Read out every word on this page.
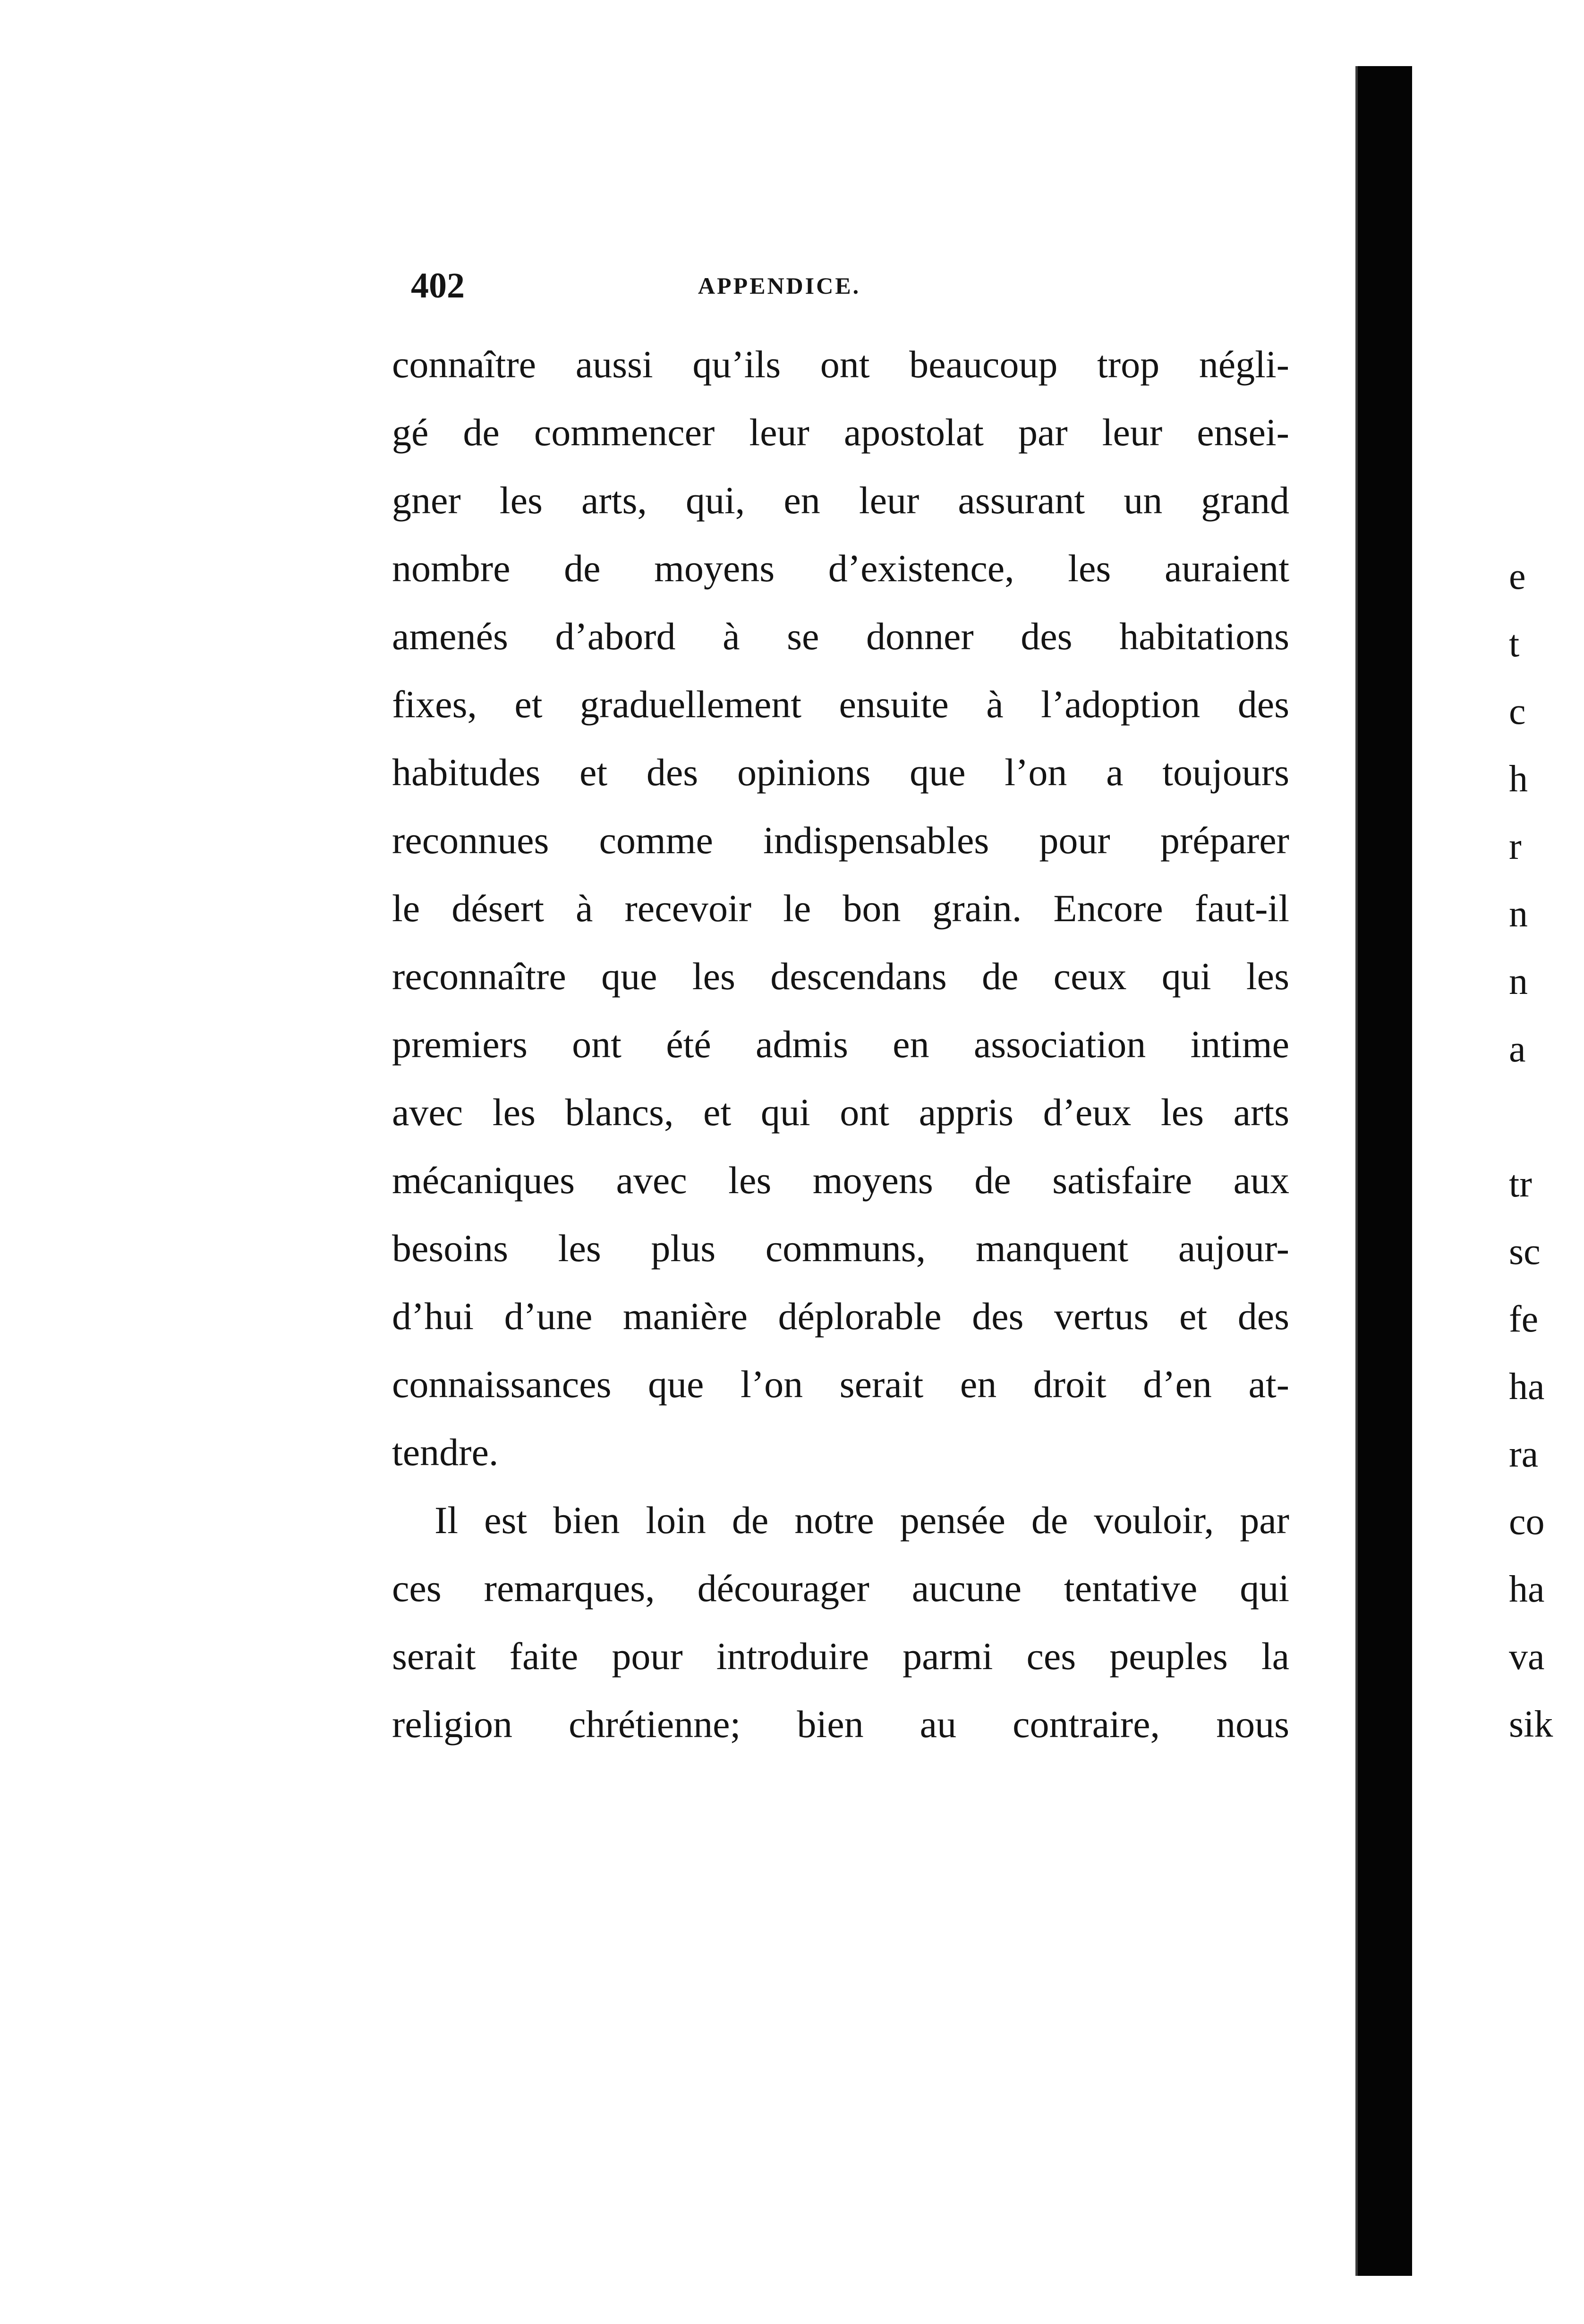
402	APPENDICE.
connaître aussi qu’ils ont beaucoup trop négli-
gé de commencer leur apostolat par leur ensei-
gner les arts, qui, en leur assurant un grand
nombre de moyens d’existence, les auraient
amenés d’abord à se donner des habitations
fixes, et graduellement ensuite à l’adoption des
habitudes et des opinions que l’on a toujours
reconnues comme indispensables pour préparer
le désert à recevoir le bon grain. Encore faut-il
reconnaître que les descendans de ceux qui les
premiers ont été admis en association intime
avec les blancs, et qui ont appris d’eux les arts
mécaniques avec les moyens de satisfaire aux
besoins les plus communs, manquent aujour-
d’hui d’une manière déplorable des vertus et des
connaissances que l’on serait en droit d’en at-
tendre.
Il est bien loin de notre pensée de vouloir, par
ces remarques, décourager aucune tentative qui
serait faite pour introduire parmi ces peuples la
religion chrétienne; bien au contraire, nous
e
t
c
h
r
n
n
a
tr
sc
fe
ha
ra
co
ha
va
sik
